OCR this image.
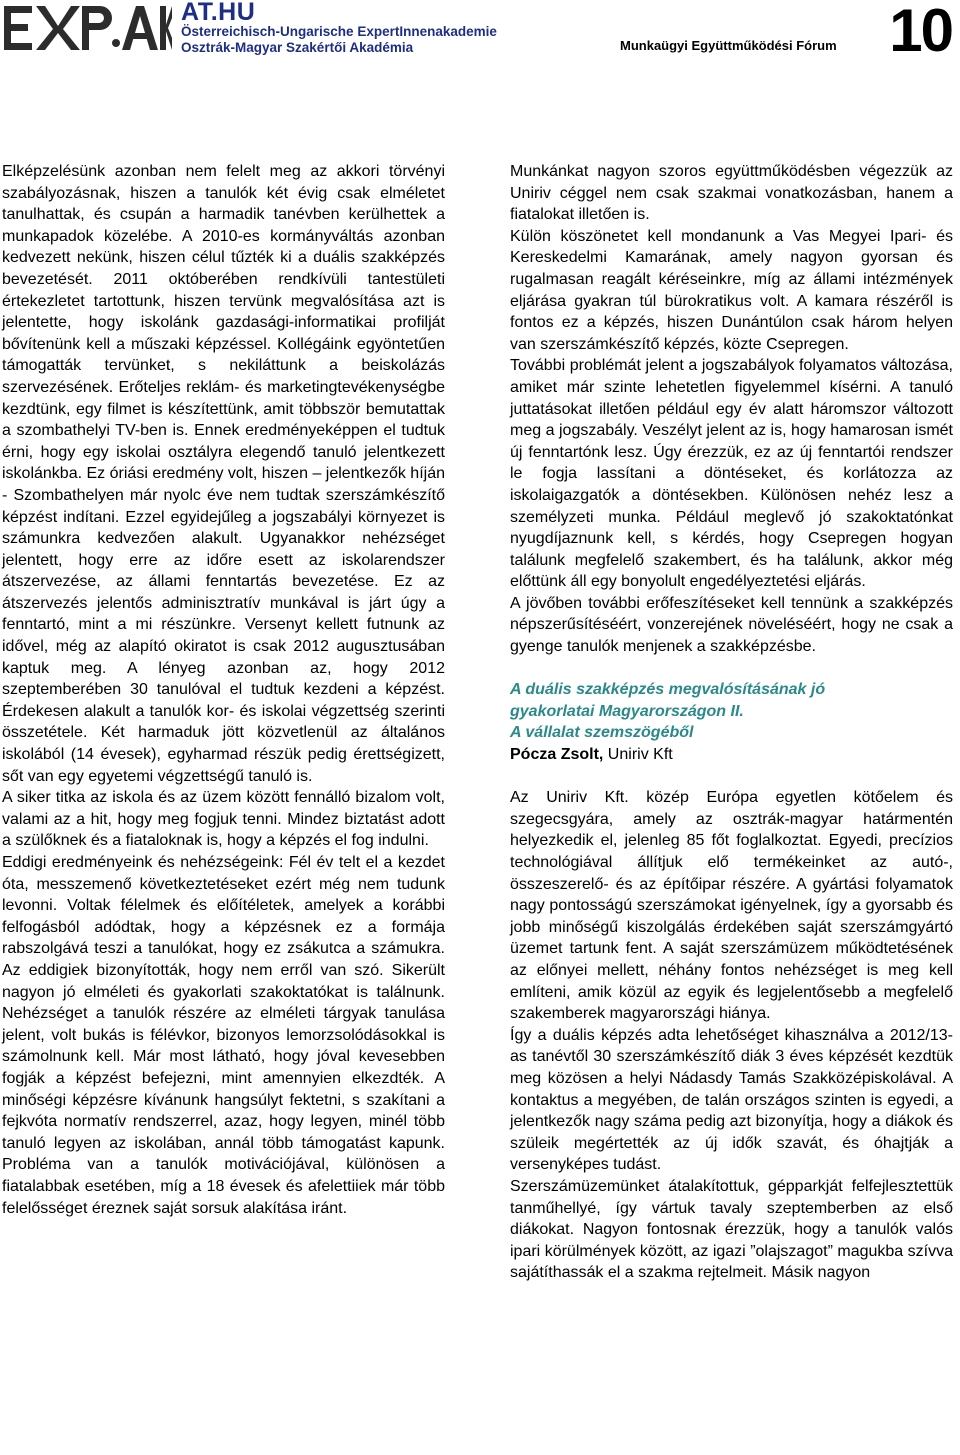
AT.HU
Österreichisch-Ungarische ExpertInnenakademie
Osztrák-Magyar Szakértői Akadémia	Munkaügyi Együttműködési Fórum 10

Elképzelésünk azonban nem felelt meg az akkori törvényi szabályozásnak, hiszen a tanulók két évig csak elméletet tanulhattak, és csupán a harmadik tanévben kerülhettek a munkapadok közelébe. A 2010-es kormányváltás azonban kedvezett nekünk, hiszen célul tűzték ki a duális szakképzés bevezetését. 2011 októberében rendkívüli tantestületi értekezletet tartottunk, hiszen tervünk megvalósítása azt is jelentette, hogy iskolánk gazdasági-informatikai profilját bővítenünk kell a műszaki képzéssel. Kollégáink egyöntetűen támogatták tervünket, s nekiláttunk a beiskolázás szervezésének. Erőteljes reklám- és marketingtevékenységbe kezdtünk, egy filmet is készítettünk, amit többször bemutattak a szombathelyi TV-ben is. Ennek eredményeképpen el tudtuk érni, hogy egy iskolai osztályra elegendő tanuló jelentkezett iskolánkba. Ez óriási eredmény volt, hiszen – jelentkezők híján - Szombathelyen már nyolc éve nem tudtak szerszámkészítő képzést indítani. Ezzel egyidejűleg a jogszabályi környezet is számunkra kedvezően alakult. Ugyanakkor nehézséget jelentett, hogy erre az időre esett az iskolarendszer átszervezése, az állami fenntartás bevezetése. Ez az átszervezés jelentős adminisztratív munkával is járt úgy a fenntartó, mint a mi részünkre. Versenyt kellett futnunk az idővel, még az alapító okiratot is csak 2012 augusztusában kaptuk meg. A lényeg azonban az, hogy 2012 szeptemberében 30 tanulóval el tudtuk kezdeni a képzést. Érdekesen alakult a tanulók kor- és iskolai végzettség szerinti összetétele. Két harmaduk jött közvetlenül az általános iskolából (14 évesek), egyharmad részük pedig érettségizett, sőt van egy egyetemi végzettségű tanuló is.

A siker titka az iskola és az üzem között fennálló bizalom volt, valami az a hit, hogy meg fogjuk tenni. Mindez biztatást adott a szülőknek és a fiataloknak is, hogy a képzés el fog indulni.

Eddigi eredményeink és nehézségeink: Fél év telt el a kezdet óta, messzemenő következtetéseket ezért még nem tudunk levonni. Voltak félelmek és előítéletek, amelyek a korábbi felfogásból adódtak, hogy a képzésnek ez a formája rabszolgává teszi a tanulókat, hogy ez zsákutca a számukra. Az eddigiek bizonyították, hogy nem erről van szó. Sikerült nagyon jó elméleti és gyakorlati szakoktatókat is találnunk. Nehézséget a tanulók részére az elméleti tárgyak tanulása jelent, volt bukás is félévkor, bizonyos lemorzsolódásokkal is számolnunk kell. Már most látható, hogy jóval kevesebben fogják a képzést befejezni, mint amennyien elkezdték. A minőségi képzésre kívánunk hangsúlyt fektetni, s szakítani a fejkvóta normatív rendszerrel, azaz, hogy legyen, minél több tanuló legyen az iskolában, annál több támogatást kapunk. Probléma van a tanulók motivációjával, különösen a fiatalabbak esetében, míg a 18 évesek és afelettiiek már több felelősséget éreznek saját sorsuk alakítása iránt.

Munkánkat nagyon szoros együttműködésben végezzük az Uniriv céggel nem csak szakmai vonatkozásban, hanem a fiatalokat illetően is.

Külön köszönetet kell mondanunk a Vas Megyei Ipari- és Kereskedelmi Kamarának, amely nagyon gyorsan és rugalmasan reagált kéréseinkre, míg az állami intézmények eljárása gyakran túl bürokratikus volt. A kamara részéről is fontos ez a képzés, hiszen Dunántúlon csak három helyen van szerszámkészítő képzés, közte Csepregen.

További problémát jelent a jogszabályok folyamatos változása, amiket már szinte lehetetlen figyelemmel kísérni. A tanuló juttatásokat illetően például egy év alatt háromszor változott meg a jogszabály. Veszélyt jelent az is, hogy hamarosan ismét új fenntartónk lesz. Úgy érezzük, ez az új fenntartói rendszer le fogja lassítani a döntéseket, és korlátozza az iskolaigazgatók a döntésekben. Különösen nehéz lesz a személyzeti munka. Például meglevő jó szakoktatónkat nyugdíjaznunk kell, s kérdés, hogy Csepregen hogyan találunk megfelelő szakembert, és ha találunk, akkor még előttünk áll egy bonyolult engedélyeztetési eljárás.

A jövőben további erőfeszítéseket kell tennünk a szakképzés népszerűsítéséért, vonzerejének növeléséért, hogy ne csak a gyenge tanulók menjenek a szakképzésbe.

A duális szakképzés megvalósításának jó
gyakorlatai Magyarországon II.
A vállalat szemszögéből
Pócza Zsolt, Uniriv Kft

Az Uniriv Kft. közép Európa egyetlen kötőelem és szegecsgyára, amely az osztrák-magyar határmentén helyezkedik el, jelenleg 85 főt foglalkoztat. Egyedi, precízios technológiával állítjuk elő termékeinket az autó-, összeszerelő- és az építőipar részére. A gyártási folyamatok nagy pontosságú szerszámokat igényelnek, így a gyorsabb és jobb minőségű kiszolgálás érdekében saját szerszámgyártó üzemet tartunk fent. A saját szerszámüzem működtetésének az előnyei mellett, néhány fontos nehézséget is meg kell említeni, amik közül az egyik és legjelentősebb a megfelelő szakemberek magyarországi hiánya.

Így a duális képzés adta lehetőséget kihasználva a 2012/13-as tanévtől 30 szerszámkészítő diák 3 éves képzését kezdtük meg közösen a helyi Nádasdy Tamás Szakközépiskolával. A kontaktus a megyében, de talán országos szinten is egyedi, a jelentkezők nagy száma pedig azt bizonyítja, hogy a diákok és szüleik megértették az új idők szavát, és óhajtják a versenyképes tudást.

Szerszámüzemünket átalakítottuk, gépparkját felfejlesztettük tanműhellyé, így vártuk tavaly szeptemberben az első diákokat. Nagyon fontosnak érezzük, hogy a tanulók valós ipari körülmények között, az igazi ”olajszagot” magukba szívva sajátíthassák el a szakma rejtelmeit. Másik nagyon
